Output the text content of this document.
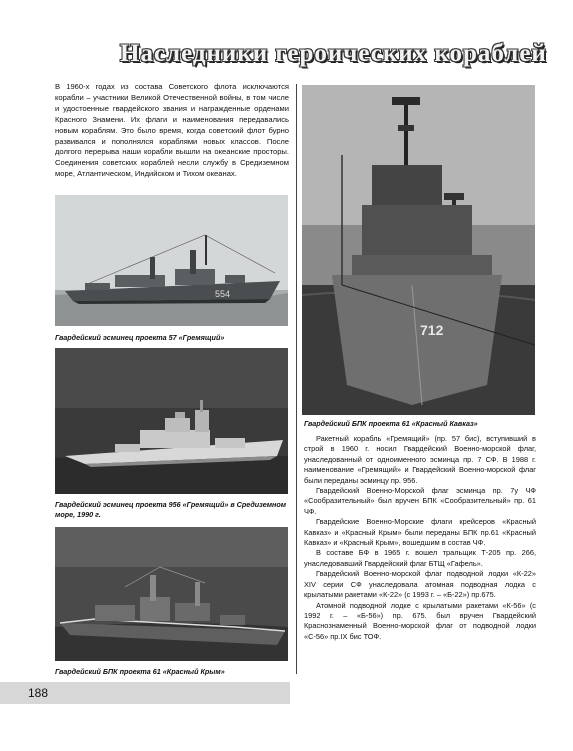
Наследники героических кораблей
В 1960-х годах из состава Советского флота исключаются корабли – участники Великой Отечественной войны, в том числе и удостоенные гвардейского звания и награжденные орденами Красного Знамени. Их флаги и наименования передавались новым кораблям. Это было время, когда советский флот бурно развивался и пополнялся кораблями новых классов. После долгого перерыва наши корабли вышли на океанские просторы. Соединения советских кораблей несли службу в Средиземном море, Атлантическом, Индийском и Тихом океанах.
554
Гвардейский эсминец проекта 57 «Гремящий»
Гвардейский эсминец проекта 956 «Гремящий» в Средиземном море, 1990 г.
Гвардейский БПК проекта 61 «Красный Крым»
712
Гвардейский БПК проекта 61 «Красный Кавказ»

Ракетный корабль «Гремящий» (пр. 57 бис), вступивший в строй в 1960 г. носил Гвардейский Военно-морской флаг, унаследованный от одноименного эсминца пр. 7 СФ. В 1988 г. наименование «Гремящий» и Гвардейский Военно-морской флаг были переданы эсминцу пр. 956.

Гвардейский Военно-Морской флаг эсминца пр. 7у ЧФ «Сообразительный» был вручен БПК «Сообразительный» пр. 61 ЧФ.

Гвардейские Военно-Морские флаги крейсеров «Красный Кавказ» и «Красный Крым» были переданы БПК пр.61 «Красный Кавказ» и «Красный Крым», вошедшим в состав ЧФ.

В составе БФ в 1965 г. вошел тральщик Т-205 пр. 266, унаследовавший Гвардейский флаг БТЩ «Гафель».

Гвардейский Военно-морской флаг подводной лодки «К-22» XIV серии СФ унаследовала атомная подводная лодка с крылатыми ракетами «К-22» (с 1993 г. – «Б-22») пр.675.

Атомной подводной лодке с крылатыми ракетами «К-56» (с 1992 г. – «Б-56») пр. 675. был вручен Гвардейский Краснознаменный Военно-морской флаг от подводной лодки «С-56» пр.IX бис ТОФ.

188
